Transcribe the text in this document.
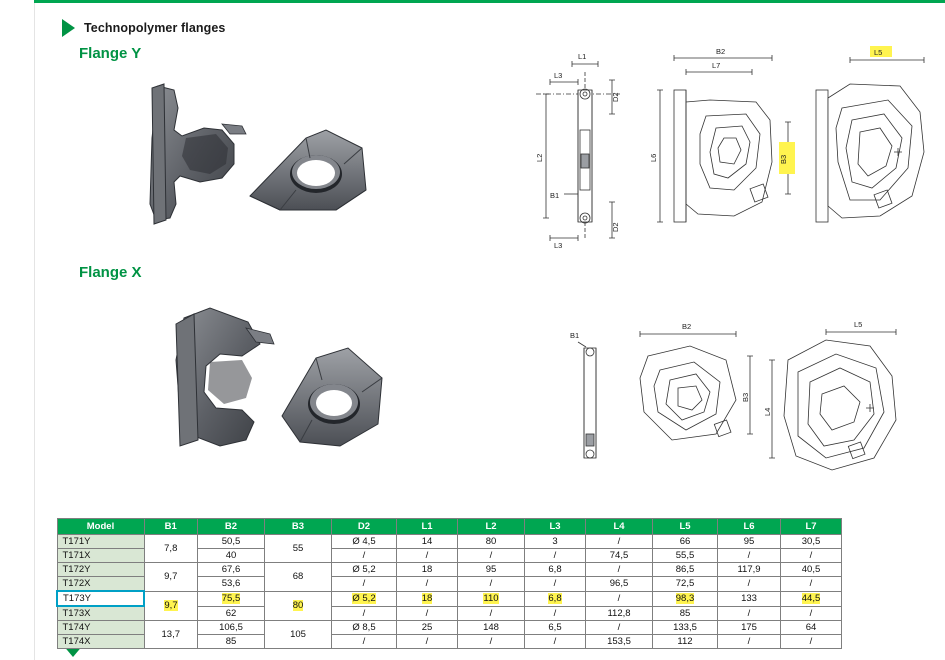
Technopolymer flanges
Flange Y
Flange X
L1
L3
L3
D2
D2
L2
B1
B2
L7
L6	B3
L5
B1
B2
B3
L5
L4
Model	B1	B2	B3	D2	L1	L2	L3	L4	L5	L6	L7
T171Y	7,8	50,5	55	Ø 4,5	14	80	3	/	66	95	30,5
T171X		40		/	/	/	/	74,5	55,5	/	/
T172Y	9,7	67,6	68	Ø 5,2	18	95	6,8	/	86,5	117,9	40,5
T172X		53,6		/	/	/	/	96,5	72,5	/	/
T173Y	9,7	75,5	80	Ø 5,2	18	110	6,8	/	98,3	133	44,5
T173X		62		/	/	/	/	112,8	85	/	/
T174Y	13,7	106,5	105	Ø 8,5	25	148	6,5	/	133,5	175	64
T174X		85		/	/	/	/	153,5	112	/	/
